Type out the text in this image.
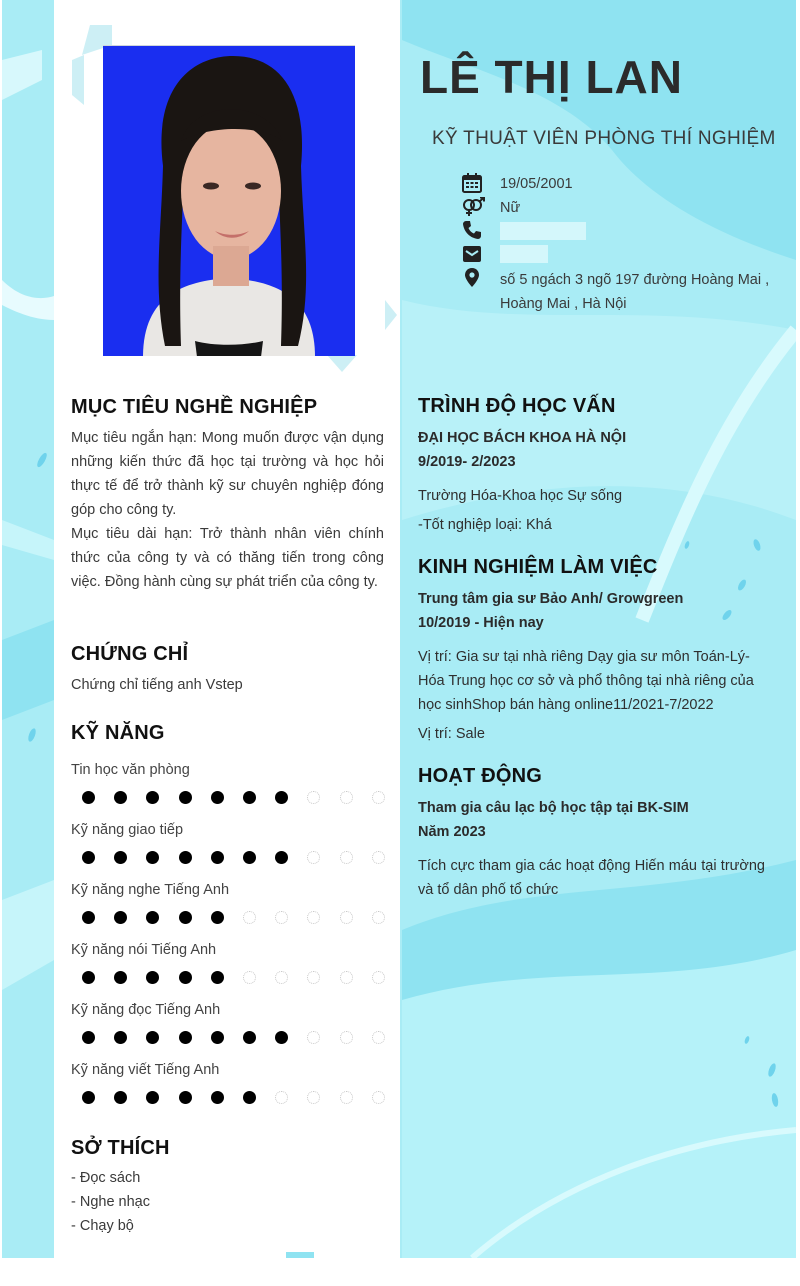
MỤC TIÊU NGHỀ NGHIỆP
Mục tiêu ngắn hạn: Mong muốn được vận dụng những kiến thức đã học tại trường và học hỏi thực tế để trở thành kỹ sư chuyên nghiệp đóng góp cho công ty.
Mục tiêu dài hạn: Trở thành nhân viên chính thức của công ty và có thăng tiến trong công việc. Đồng hành cùng sự phát triển của công ty.
CHỨNG CHỈ
Chứng chỉ tiếng anh Vstep
KỸ NĂNG
SỞ THÍCH
- Đọc sách
- Nghe nhạc
- Chạy bộ
LÊ THỊ LAN
KỸ THUẬT VIÊN PHÒNG THÍ NGHIỆM
19/05/2001
Nữ
số 5 ngách 3 ngõ 197 đường Hoàng Mai ,
Hoàng Mai , Hà Nội
TRÌNH ĐỘ HỌC VẤN
ĐẠI HỌC BÁCH KHOA HÀ NỘI
9/2019- 2/2023
Trường Hóa-Khoa học Sự sống
-Tốt nghiệp loại: Khá
KINH NGHIỆM LÀM VIỆC
Trung tâm gia sư Bảo Anh/ Growgreen
10/2019 - Hiện nay
Vị trí: Gia sư tại nhà riêng Dạy gia sư môn Toán-Lý-Hóa Trung học cơ sở và phổ thông tại nhà riêng của học sinhShop bán hàng online11/2021-7/2022
Vị trí: Sale
HOẠT ĐỘNG
Tham gia câu lạc bộ học tập tại BK-SIM
Năm 2023
Tích cực tham gia các hoạt động Hiến máu tại trường và tổ dân phố tổ chức
Tin học văn phòng
Kỹ năng giao tiếp
Kỹ năng nghe Tiếng Anh
Kỹ năng nói Tiếng Anh
Kỹ năng đọc Tiếng Anh
Kỹ năng viết Tiếng Anh
